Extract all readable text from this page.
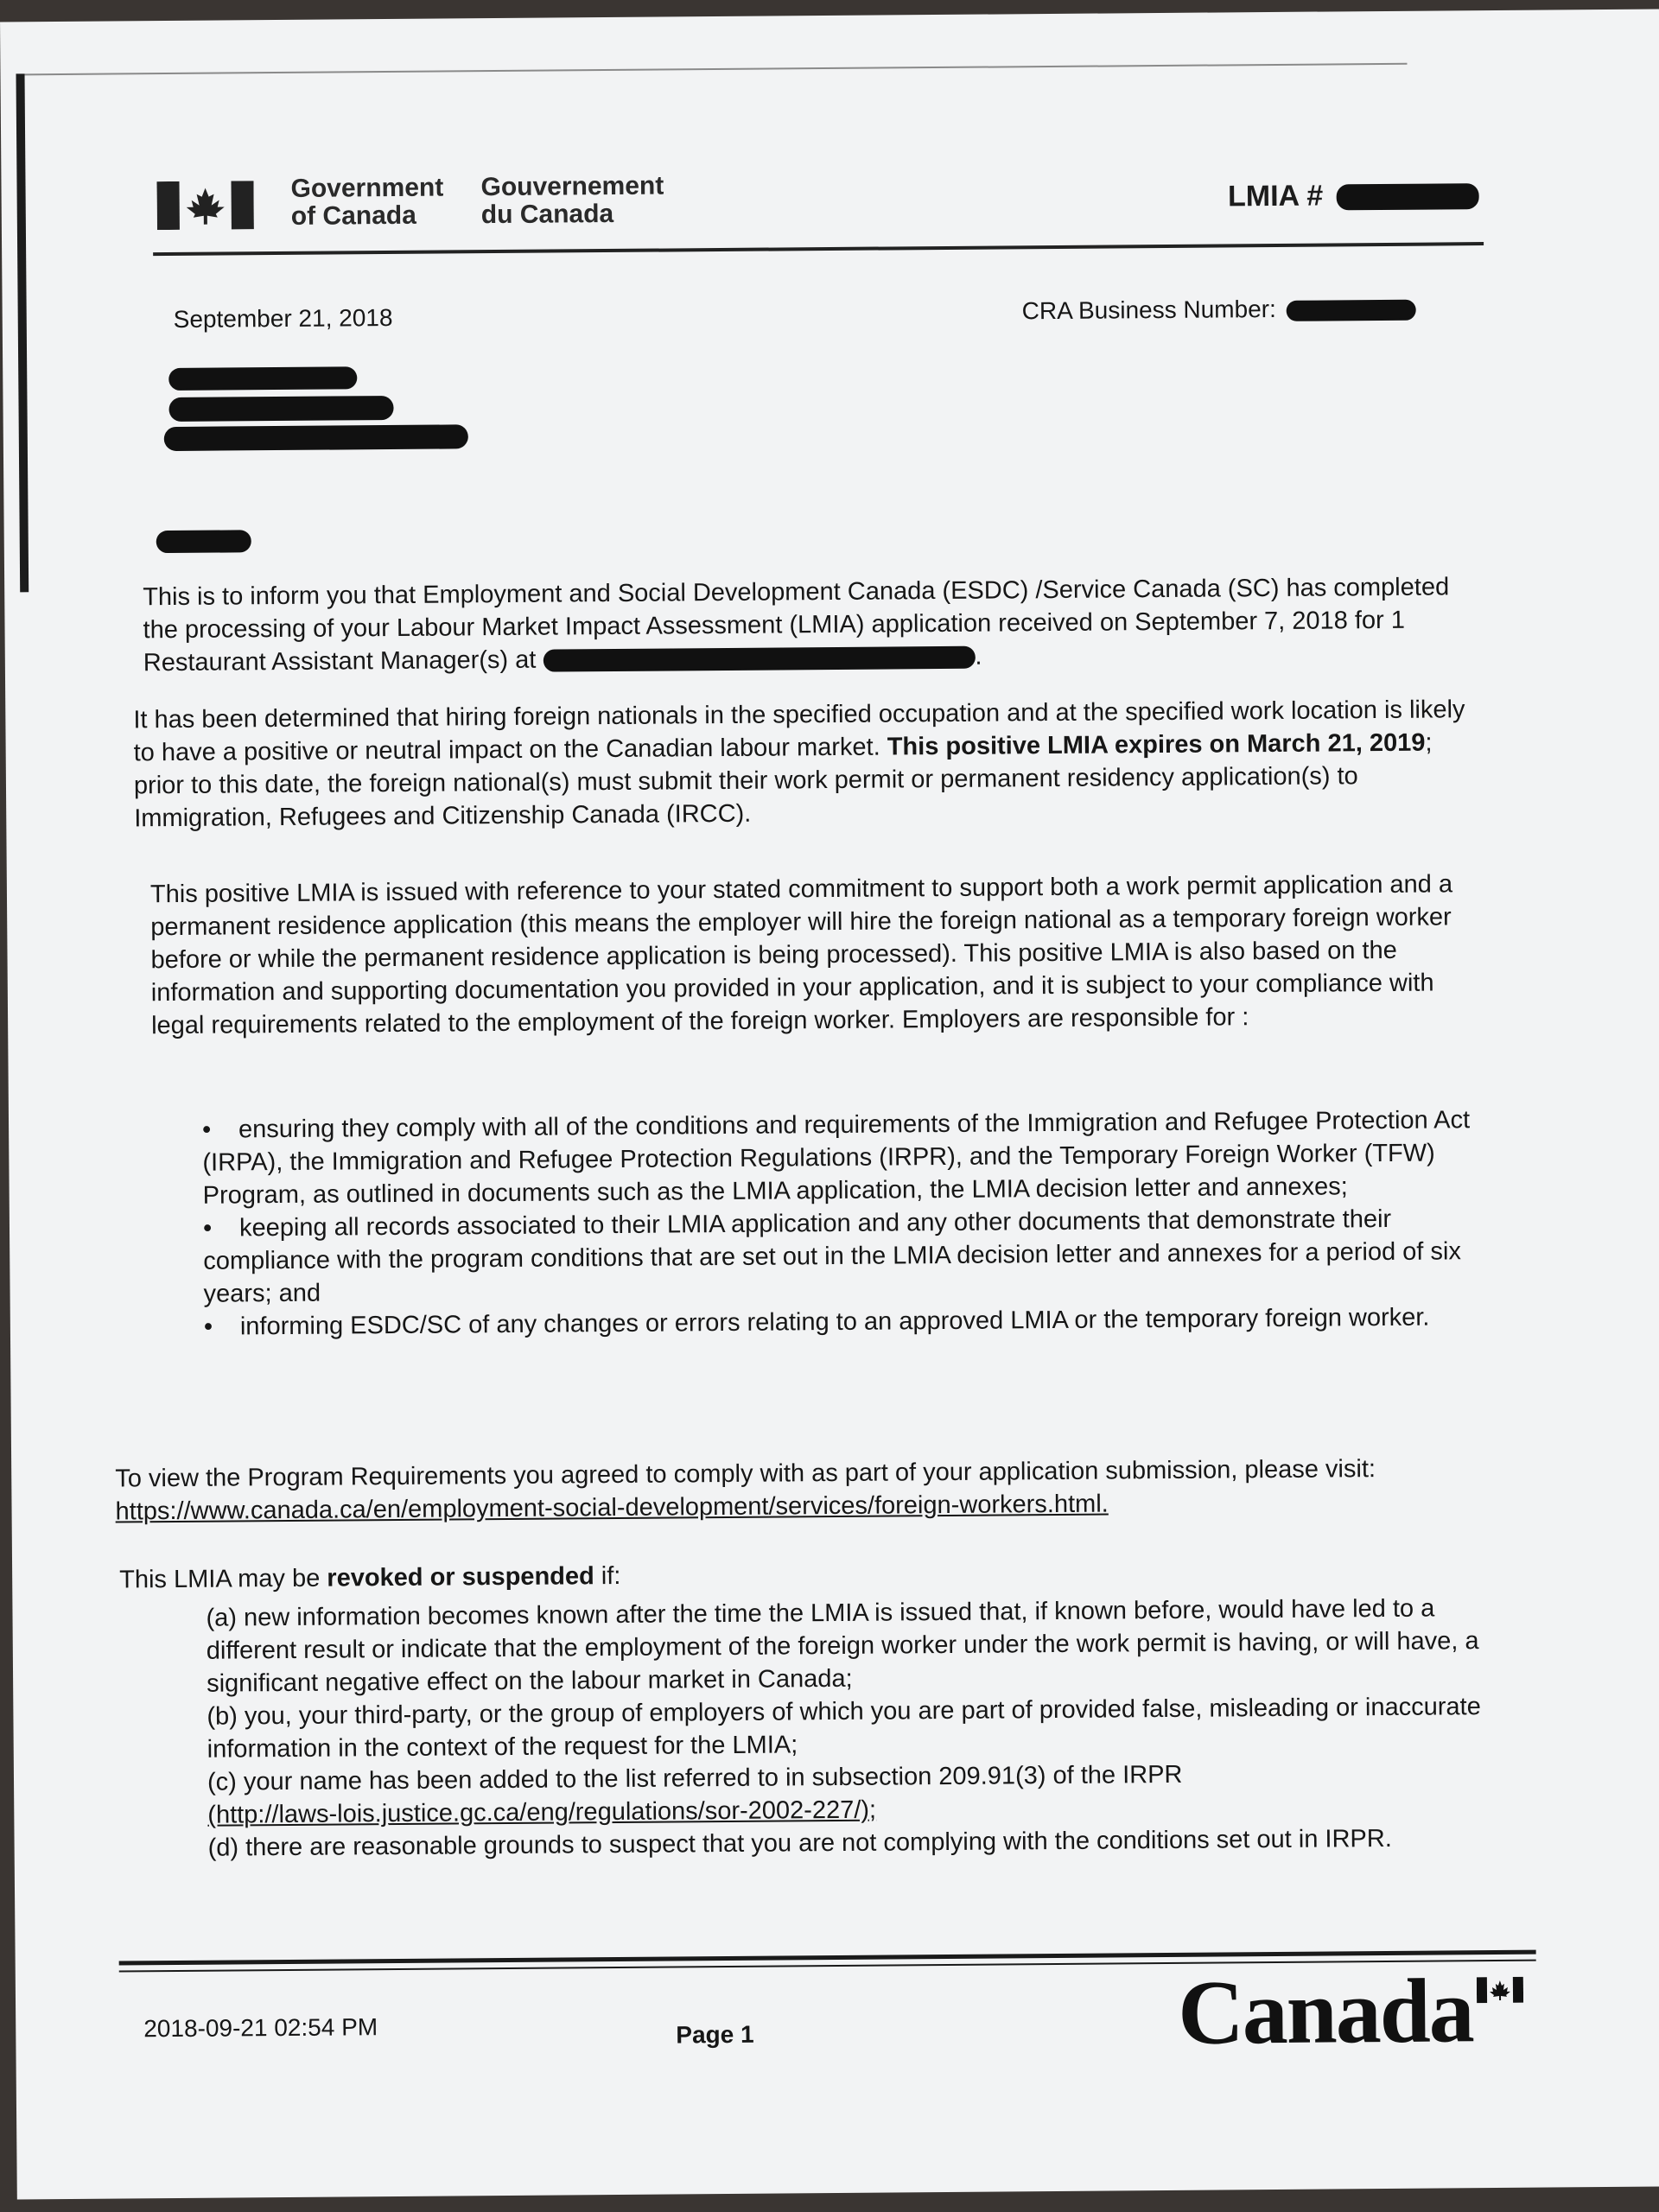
Government
of Canada
Gouvernement
du Canada
LMIA #
September 21, 2018	CRA Business Number:

This is to inform you that Employment and Social Development Canada (ESDC) /Service Canada (SC) has completed the processing of your Labour Market Impact Assessment (LMIA) application received on September 7, 2018 for 1 Restaurant Assistant Manager(s) at	.

It has been determined that hiring foreign nationals in the specified occupation and at the specified work location is likely to have a positive or neutral impact on the Canadian labour market. This positive LMIA expires on March 21, 2019; prior to this date, the foreign national(s) must submit their work permit or permanent residency application(s) to Immigration, Refugees and Citizenship Canada (IRCC).

This positive LMIA is issued with reference to your stated commitment to support both a work permit application and a permanent residence application (this means the employer will hire the foreign national as a temporary foreign worker before or while the permanent residence application is being processed). This positive LMIA is also based on the information and supporting documentation you provided in your application, and it is subject to your compliance with legal requirements related to the employment of the foreign worker. Employers are responsible for :

• ensuring they comply with all of the conditions and requirements of the Immigration and Refugee Protection Act (IRPA), the Immigration and Refugee Protection Regulations (IRPR), and the Temporary Foreign Worker (TFW) Program, as outlined in documents such as the LMIA application, the LMIA decision letter and annexes;
• keeping all records associated to their LMIA application and any other documents that demonstrate their compliance with the program conditions that are set out in the LMIA decision letter and annexes for a period of six years; and
• informing ESDC/SC of any changes or errors relating to an approved LMIA or the temporary foreign worker.

To view the Program Requirements you agreed to comply with as part of your application submission, please visit: https://www.canada.ca/en/employment-social-development/services/foreign-workers.html.

This LMIA may be revoked or suspended if:

(a) new information becomes known after the time the LMIA is issued that, if known before, would have led to a different result or indicate that the employment of the foreign worker under the work permit is having, or will have, a significant negative effect on the labour market in Canada;
(b) you, your third-party, or the group of employers of which you are part of provided false, misleading or inaccurate information in the context of the request for the LMIA;
(c) your name has been added to the list referred to in subsection 209.91(3) of the IRPR
(http://laws-lois.justice.gc.ca/eng/regulations/sor-2002-227/);
(d) there are reasonable grounds to suspect that you are not complying with the conditions set out in IRPR.
2018-09-21 02:54 PM	Page 1	Canada
